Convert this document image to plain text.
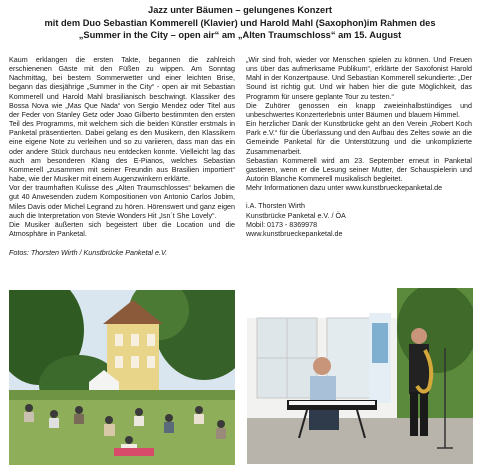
Jazz unter Bäumen – gelungenes Konzert
mit dem Duo Sebastian Kommerell (Klavier) und Harold Mahl (Saxophon)im Rahmen des
„Summer in the City – open air“ am „Alten Traumschloss“ am 15. August

Kaum erklangen die ersten Takte, begannen die zahlreich erschienenen Gäste mit den Füßen zu wippen. Am Sonntag Nachmittag, bei bestem Sommerwetter und einer leichten Brise, begann das diesjährige „Summer in the City“ - open air mit Sebastian Kommerell und Harold Mahl brasilianisch beschwingt. Klassiker des Bossa Nova wie „Mas Que Nada“ von Sergio Mendez oder Titel aus der Feder von Stanley Getz oder Joao Gilberto bestimmten den ersten Teil des Programms, mit welchem sich die beiden Künstler erstmals in Panketal präsentierten. Dabei gelang es den Musikern, den Klassikern eine eigene Note zu verleihen und so zu variieren, dass man das ein oder andere Stück durchaus neu entdecken konnte. Vielleicht lag das auch am besonderen Klang des E-Pianos, welches Sebastian Kommerell „zusammen mit seiner Freundin aus Brasilien importiert“ habe, wie der Musiker mit einem Augenzwinkern erklärte.

Vor der traumhaften Kulisse des „Alten Traumschlosses“ bekamen die gut 40 Anwesenden zudem Kompositionen von Antonio Carlos Jobim, Miles Davis oder Michel Legrand zu hören. Hörenswert und ganz eigen auch die Interpretation von Stevie Wonders Hit „Isn´t She Lovely“.

Die Musiker äußerten sich begeistert über die Location und die Atmosphäre in Panketal.

Fotos: Thorsten Wirth / Kunstbrücke Panketal e.V.

„Wir sind froh, wieder vor Menschen spielen zu können. Und Freuen uns über das aufmerksame Publikum“, erklärte der Saxofonist Harold Mahl in der Konzertpause. Und Sebastian Kommerell sekundierte: „Der Sound ist richtig gut. Und wir haben hier die gute Möglichkeit, das Programm für unsere geplante Tour zu testen.“

Die Zuhörer genossen ein knapp zweieinhalbstündiges und unbeschwertes Konzerterlebnis unter Bäumen und blauem Himmel.

Ein herzlicher Dank der Kunstbrücke geht an den Verein „Robert Koch Park e.V.“ für die Überlassung und den Aufbau des Zeltes sowie an die Gemeinde Panketal für die Unterstützung und die unkomplizierte Zusammenarbeit.

Sebastian Kommerell wird am 23. September erneut in Panketal gastieren, wenn er die Lesung seiner Mutter, der Schauspielerin und Autorin Blanche Kommerell musikalisch begleitet.

Mehr Informationen dazu unter www.kunstbrueckepanketal.de

i.A. Thorsten Wirth
Kunstbrücke Panketal e.V. / ÖA
Mobil: 0173 - 8369978
www.kunstbrueckepanketal.de
